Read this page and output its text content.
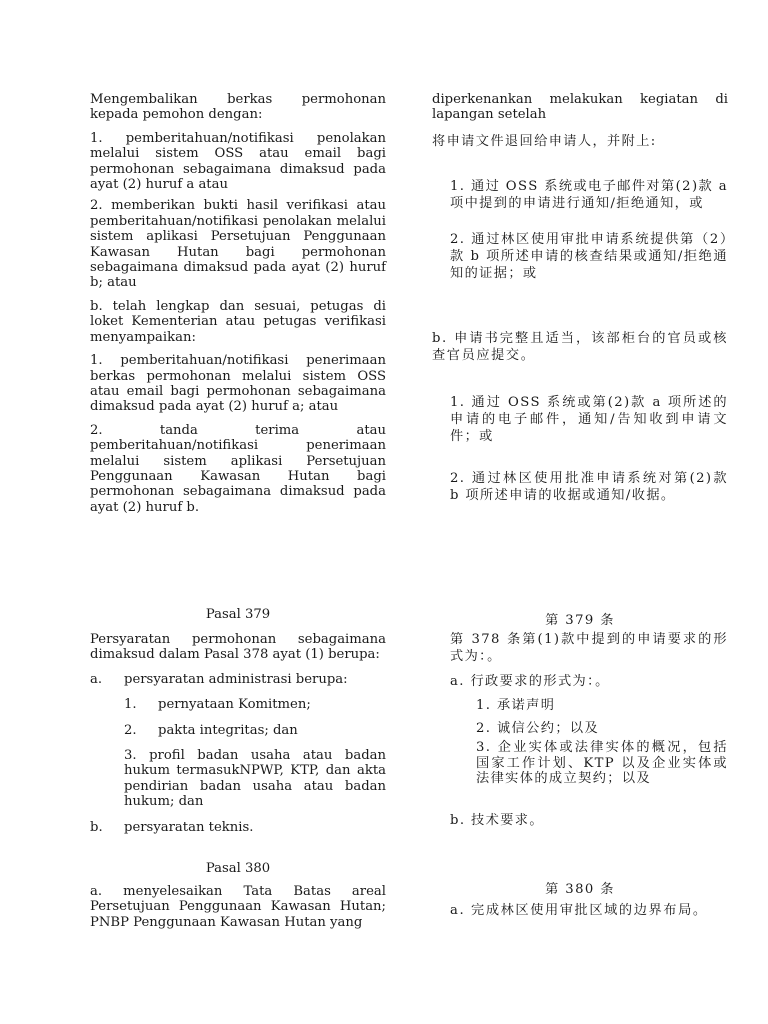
Mengembalikan berkas permohonan kepada pemohon dengan:

1. pemberitahuan/notifikasi penolakan melalui sistem OSS atau email bagi permohonan sebagaimana dimaksud pada ayat (2) huruf a atau

2. memberikan bukti hasil verifikasi atau pemberitahuan/notifikasi penolakan melalui sistem aplikasi Persetujuan Penggunaan Kawasan Hutan bagi permohonan sebagaimana dimaksud pada ayat (2) huruf b; atau

b. telah lengkap dan sesuai, petugas di loket Kementerian atau petugas verifikasi menyampaikan:

1. pemberitahuan/notifikasi penerimaan berkas permohonan melalui sistem OSS atau email bagi permohonan sebagaimana dimaksud pada ayat (2) huruf a; atau

2. tanda terima atau pemberitahuan/notifikasi penerimaan melalui sistem aplikasi Persetujuan Penggunaan Kawasan Hutan bagi permohonan sebagaimana dimaksud pada ayat (2) huruf b.

Pasal 379

Persyaratan permohonan sebagaimana dimaksud dalam Pasal 378 ayat (1) berupa:

a.	persyaratan administrasi berupa:
1.	pernyataan Komitmen;
2.	pakta integritas; dan

3. profil badan usaha atau badan hukum termasukNPWP, KTP, dan akta pendirian badan usaha atau badan hukum; dan

b.	persyaratan teknis.
Pasal 380

a. menyelesaikan Tata Batas areal Persetujuan Penggunaan Kawasan Hutan; PNBP Penggunaan Kawasan Hutan yang

diperkenankan melakukan kegiatan di lapangan setelah

将申请文件退回给申请人，并附上:
1. 通过 OSS 系统或电子邮件对第(2)款 a 项中提到的申请进行通知/拒绝通知，或
2. 通过林区使用审批申请系统提供第（2）款 b 项所述申请的核查结果或通知/拒绝通知的证据；或
b. 申请书完整且适当，该部柜台的官员或核查官员应提交。
1. 通过 OSS 系统或第(2)款 a 项所述的申请的电子邮件，通知/告知收到申请文件；或
2. 通过林区使用批准申请系统对第(2)款 b 项所述申请的收据或通知/收据。
第 379 条
第 378 条第(1)款中提到的申请要求的形式为：。
a. 行政要求的形式为：。
1. 承诺声明
2. 诚信公约；以及
3. 企业实体或法律实体的概况，包括国家工作计划、KTP 以及企业实体或法律实体的成立契约；以及
b. 技术要求。
第 380 条
a. 完成林区使用审批区域的边界布局。
